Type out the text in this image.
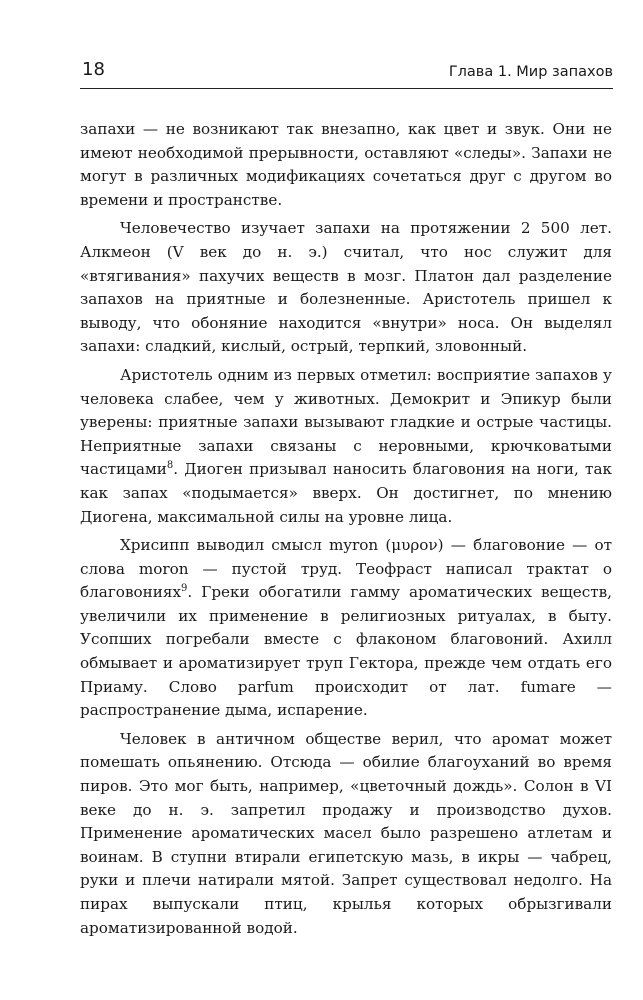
18	Глава 1. Мир запахов

запахи — не возникают так внезапно, как цвет и звук. Они не имеют необходимой прерывности, оставляют «следы». Запахи не могут в различных модификациях сочетаться друг с другом во времени и пространстве.

Человечество изучает запахи на протяжении 2 500 лет. Алкмеон (V век до н. э.) считал, что нос служит для «втягивания» пахучих веществ в мозг. Платон дал разделение запахов на приятные и болезненные. Аристотель пришел к выводу, что обоняние находится «внутри» носа. Он выделял запахи: сладкий, кислый, острый, терпкий, зловонный.

Аристотель одним из первых отметил: восприятие запахов у человека слабее, чем у животных. Демокрит и Эпикур были уверены: приятные запахи вызывают гладкие и острые частицы. Неприятные запахи связаны с неровными, крючковатыми частицами$^8$. Диоген призывал наносить благовония на ноги, так как запах «подымается» вверх. Он достигнет, по мнению Диогена, максимальной силы на уровне лица.

Хрисипп выводил смысл myron (μυρον) — благовоние — от слова moron — пустой труд. Теофраст написал трактат о благовониях$^9$. Греки обогатили гамму ароматических веществ, увеличили их применение в религиозных ритуалах, в быту. Усопших погребали вместе с флаконом благовоний. Ахилл обмывает и ароматизирует труп Гектора, прежде чем отдать его Приаму. Слово parfum происходит от лат. fumare — распространение дыма, испарение.

Человек в античном обществе верил, что аромат может помешать опьянению. Отсюда — обилие благоуханий во время пиров. Это мог быть, например, «цветочный дождь». Солон в VI веке до н. э. запретил продажу и производство духов. Применение ароматических масел было разрешено атлетам и воинам. В ступни втирали египетскую мазь, в икры — чабрец, руки и плечи натирали мятой. Запрет существовал недолго. На пирах выпускали птиц, крылья которых обрызгивали ароматизированной водой.
